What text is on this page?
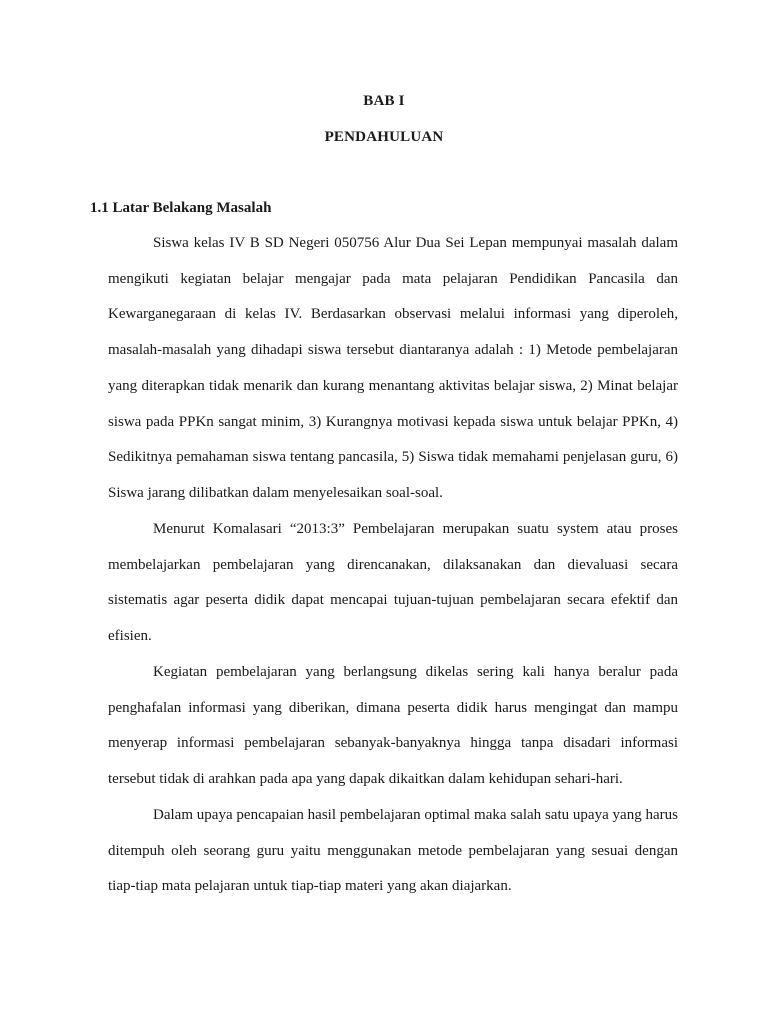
BAB I
PENDAHULUAN
1.1 Latar Belakang Masalah

Siswa kelas IV B SD Negeri 050756 Alur Dua Sei Lepan mempunyai masalah dalam mengikuti kegiatan belajar mengajar pada mata pelajaran Pendidikan Pancasila dan Kewarganegaraan di kelas IV. Berdasarkan observasi melalui informasi yang diperoleh, masalah-masalah yang dihadapi siswa tersebut diantaranya adalah : 1) Metode pembelajaran yang diterapkan tidak menarik dan kurang menantang aktivitas belajar siswa, 2) Minat belajar siswa pada PPKn sangat minim, 3) Kurangnya motivasi kepada siswa untuk belajar PPKn, 4) Sedikitnya pemahaman siswa tentang pancasila, 5) Siswa tidak memahami penjelasan guru, 6) Siswa jarang dilibatkan dalam menyelesaikan soal-soal.

Menurut Komalasari “2013:3” Pembelajaran merupakan suatu system atau proses membelajarkan pembelajaran yang direncanakan, dilaksanakan dan dievaluasi secara sistematis agar peserta didik dapat mencapai tujuan-tujuan pembelajaran secara efektif dan efisien.

Kegiatan pembelajaran yang berlangsung dikelas sering kali hanya beralur pada penghafalan informasi yang diberikan, dimana peserta didik harus mengingat dan mampu menyerap informasi pembelajaran sebanyak-banyaknya hingga tanpa disadari informasi tersebut tidak di arahkan pada apa yang dapak dikaitkan dalam kehidupan sehari-hari.

Dalam upaya pencapaian hasil pembelajaran optimal maka salah satu upaya yang harus ditempuh oleh seorang guru yaitu menggunakan metode pembelajaran yang sesuai dengan tiap-tiap mata pelajaran untuk tiap-tiap materi yang akan diajarkan.
